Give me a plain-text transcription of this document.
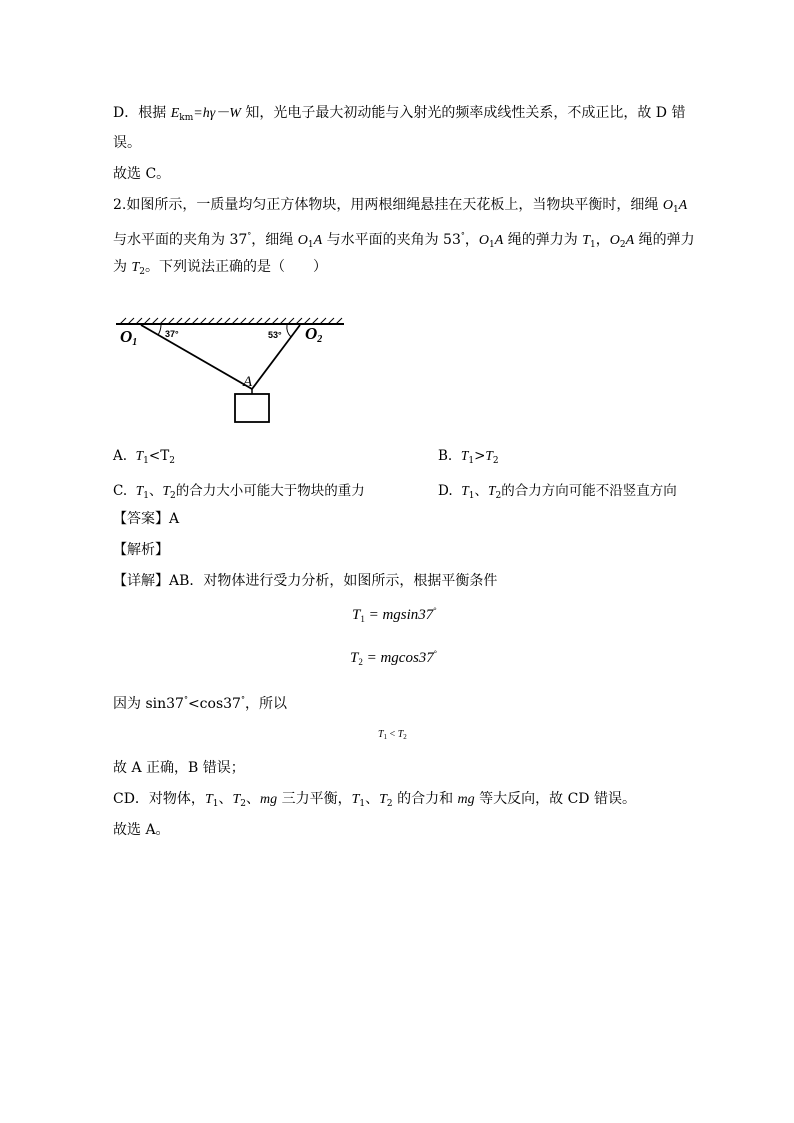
D．根据 $E_{km}=h\gamma-W$ 知，光电子最大初动能与入射光的频率成线性关系，不成正比，故 D 错
误。
故选 C。
2.如图所示，一质量均匀正方体物块，用两根细绳悬挂在天花板上，当物块平衡时，细绳 $O_1A$
与水平面的夹角为 37°，细绳 $O_1A$ 与水平面的夹角为 53°，$O_1A$ 绳的弹力为 $T_1$，$O_2A$ 绳的弹力
为 $T_2$。下列说法正确的是（　　）
O1
37°	53° O2
A
A. $T_1<T_2$	B. $T_1>T_2$
C. $T_1$、$T_2$的合力大小可能大于物块的重力	D. $T_1$、$T_2$的合力方向可能不沿竖直方向
【答案】A
【解析】
【详解】AB．对物体进行受力分析，如图所示，根据平衡条件
$T_1 = mgsin37^\circ$
$T_2 = mgcos37^\circ$
因为 sin37°<cos37°，所以
$T_1 < T_2$
故 A 正确，B 错误；
CD．对物体，$T_1$、$T_2$、mg 三力平衡，$T_1$、$T_2$ 的合力和 mg 等大反向，故 CD 错误。
故选 A。
